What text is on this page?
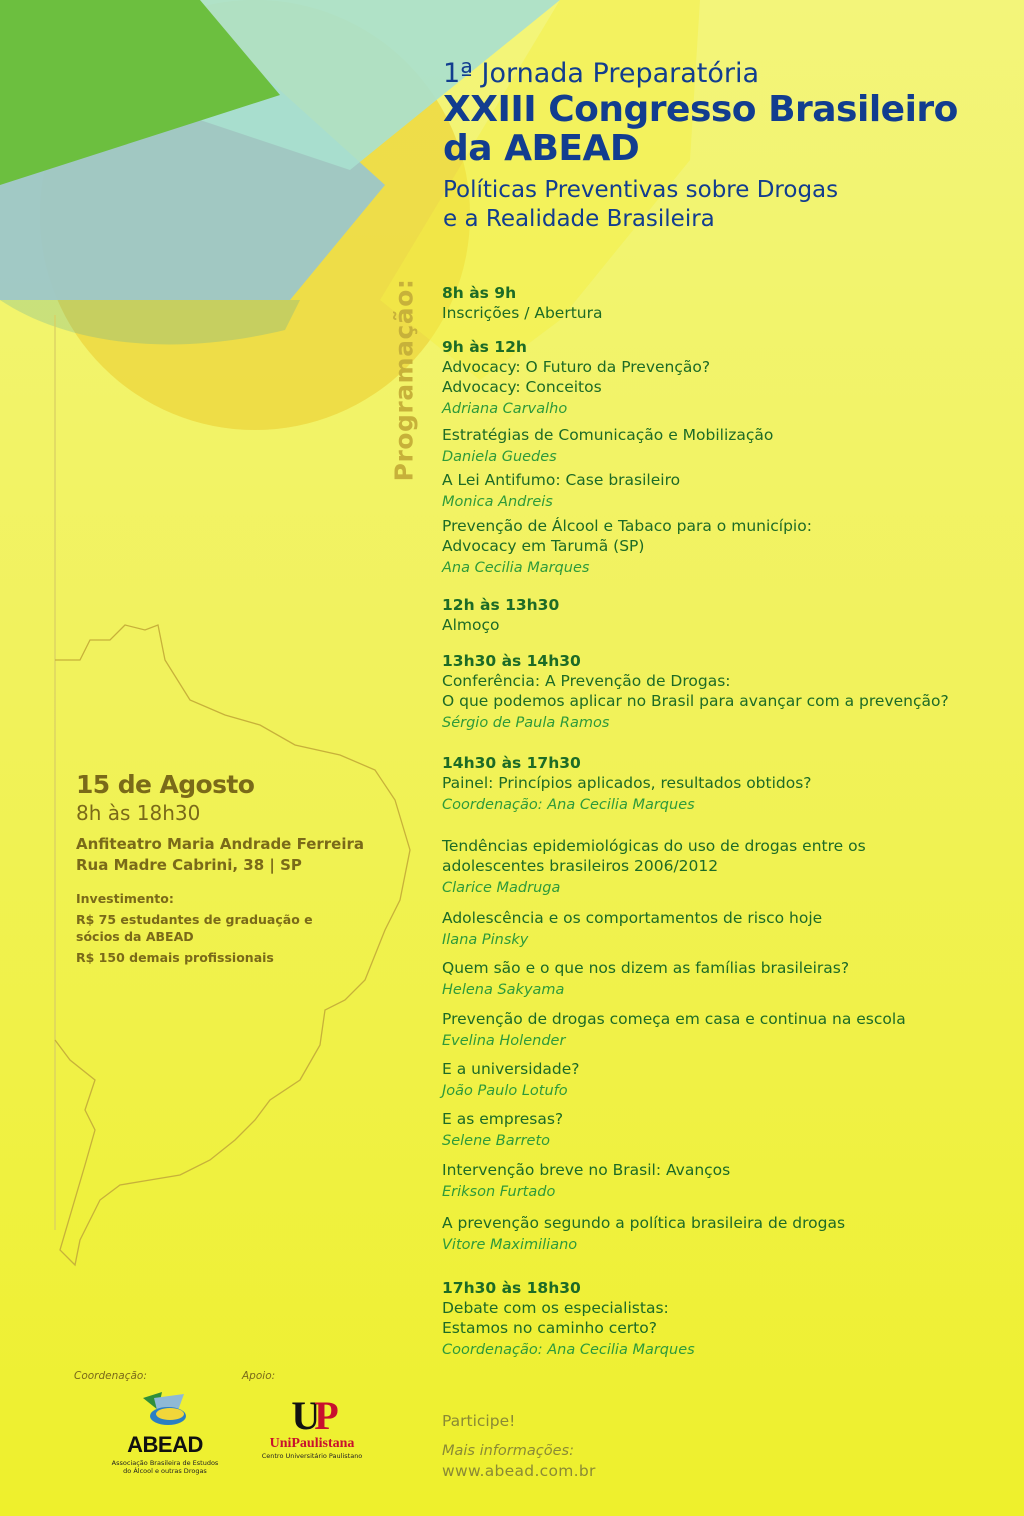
1ª Jornada Preparatória
XXIII Congresso Brasileiro
da ABEAD
Políticas Preventivas sobre Drogas
e a Realidade Brasileira
Programação: 8h às 9h
Inscrições / Abertura
9h às 12h
Advocacy: O Futuro da Prevenção?
Advocacy: Conceitos
Adriana Carvalho
Estratégias de Comunicação e Mobilização
Daniela Guedes
A Lei Antifumo: Case brasileiro
Monica Andreis
Prevenção de Álcool e Tabaco para o município:
Advocacy em Tarumã (SP)
Ana Cecilia Marques
12h às 13h30
Almoço
13h30 às 14h30
Conferência: A Prevenção de Drogas:
O que podemos aplicar no Brasil para avançar com a prevenção?
Sérgio de Paula Ramos
14h30 às 17h30
Painel: Princípios aplicados, resultados obtidos?
Coordenação: Ana Cecilia Marques
Tendências epidemiológicas do uso de drogas entre os
adolescentes brasileiros 2006/2012
Clarice Madruga
Adolescência e os comportamentos de risco hoje
Ilana Pinsky
Quem são e o que nos dizem as famílias brasileiras?
Helena Sakyama
Prevenção de drogas começa em casa e continua na escola
Evelina Holender
E a universidade?
João Paulo Lotufo
E as empresas?
Selene Barreto
Intervenção breve no Brasil: Avanços
Erikson Furtado
A prevenção segundo a política brasileira de drogas
Vitore Maximiliano
17h30 às 18h30
Debate com os especialistas:
Estamos no caminho certo?
Coordenação: Ana Cecilia Marques
15 de Agosto
8h às 18h30
Anfiteatro Maria Andrade Ferreira
Rua Madre Cabrini, 38 | SP
Investimento:
R$ 75 estudantes de graduação e
sócios da ABEAD
R$ 150 demais profissionais
Coordenação:	Apoio:
ABEAD
Associação Brasileira de Estudos
do Álcool e outras Drogas
UP
UniPaulistana
Centro Universitário Paulistano
Participe!
Mais informações:
www.abead.com.br
